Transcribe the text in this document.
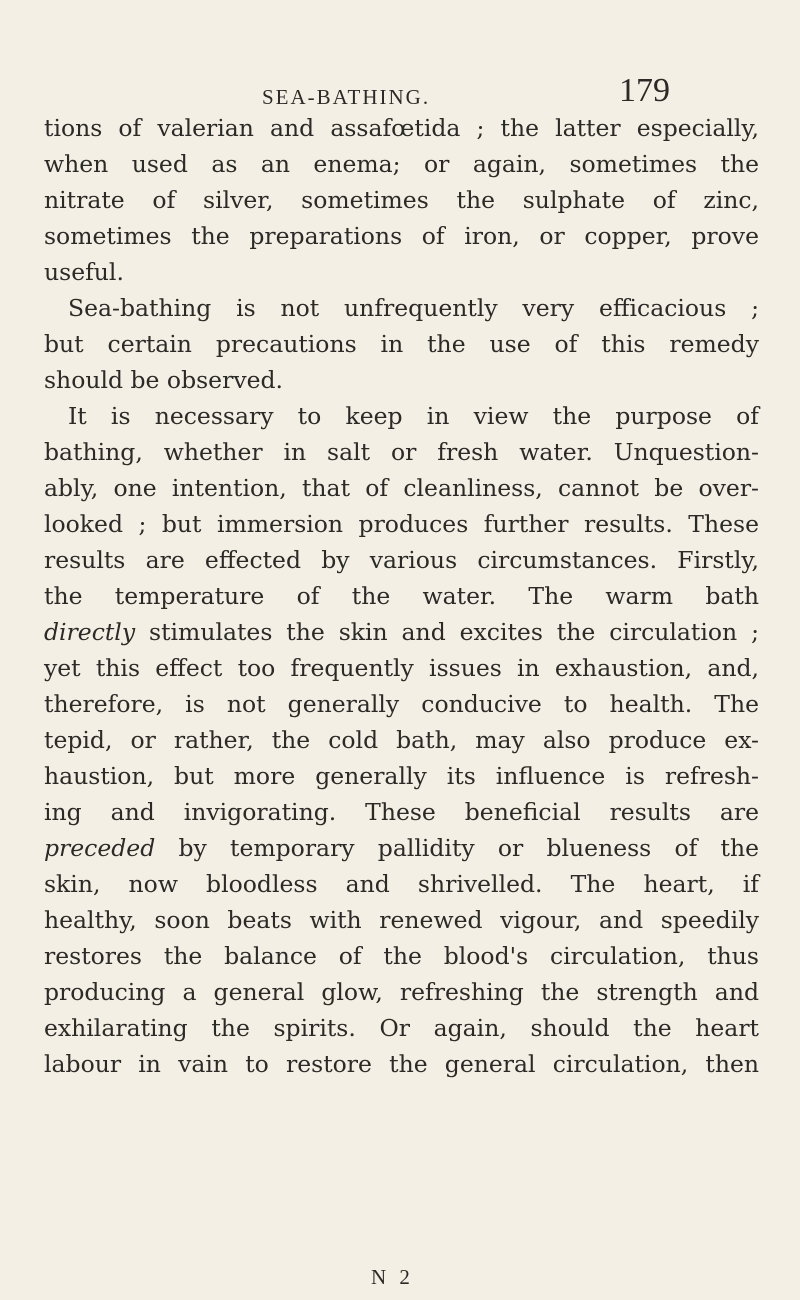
SEA-BATHING.	179
tions of valerian and assafœtida ; the latter especially,
when used as an enema; or again, sometimes the
nitrate of silver, sometimes the sulphate of zinc,
sometimes the preparations of iron, or copper, prove
useful.
Sea-bathing is not unfrequently very efficacious ;
but certain precautions in the use of this remedy
should be observed.
It is necessary to keep in view the purpose of
bathing, whether in salt or fresh water. Unquestion-
ably, one intention, that of cleanliness, cannot be over-
looked ; but immersion produces further results. These
results are effected by various circumstances. Firstly,
the temperature of the water. The warm bath
directly stimulates the skin and excites the circulation ;
yet this effect too frequently issues in exhaustion, and,
therefore, is not generally conducive to health. The
tepid, or rather, the cold bath, may also produce ex-
haustion, but more generally its influence is refresh-
ing and invigorating. These beneficial results are
preceded by temporary pallidity or blueness of the
skin, now bloodless and shrivelled. The heart, if
healthy, soon beats with renewed vigour, and speedily
restores the balance of the blood's circulation, thus
producing a general glow, refreshing the strength and
exhilarating the spirits. Or again, should the heart
labour in vain to restore the general circulation, then
N 2
